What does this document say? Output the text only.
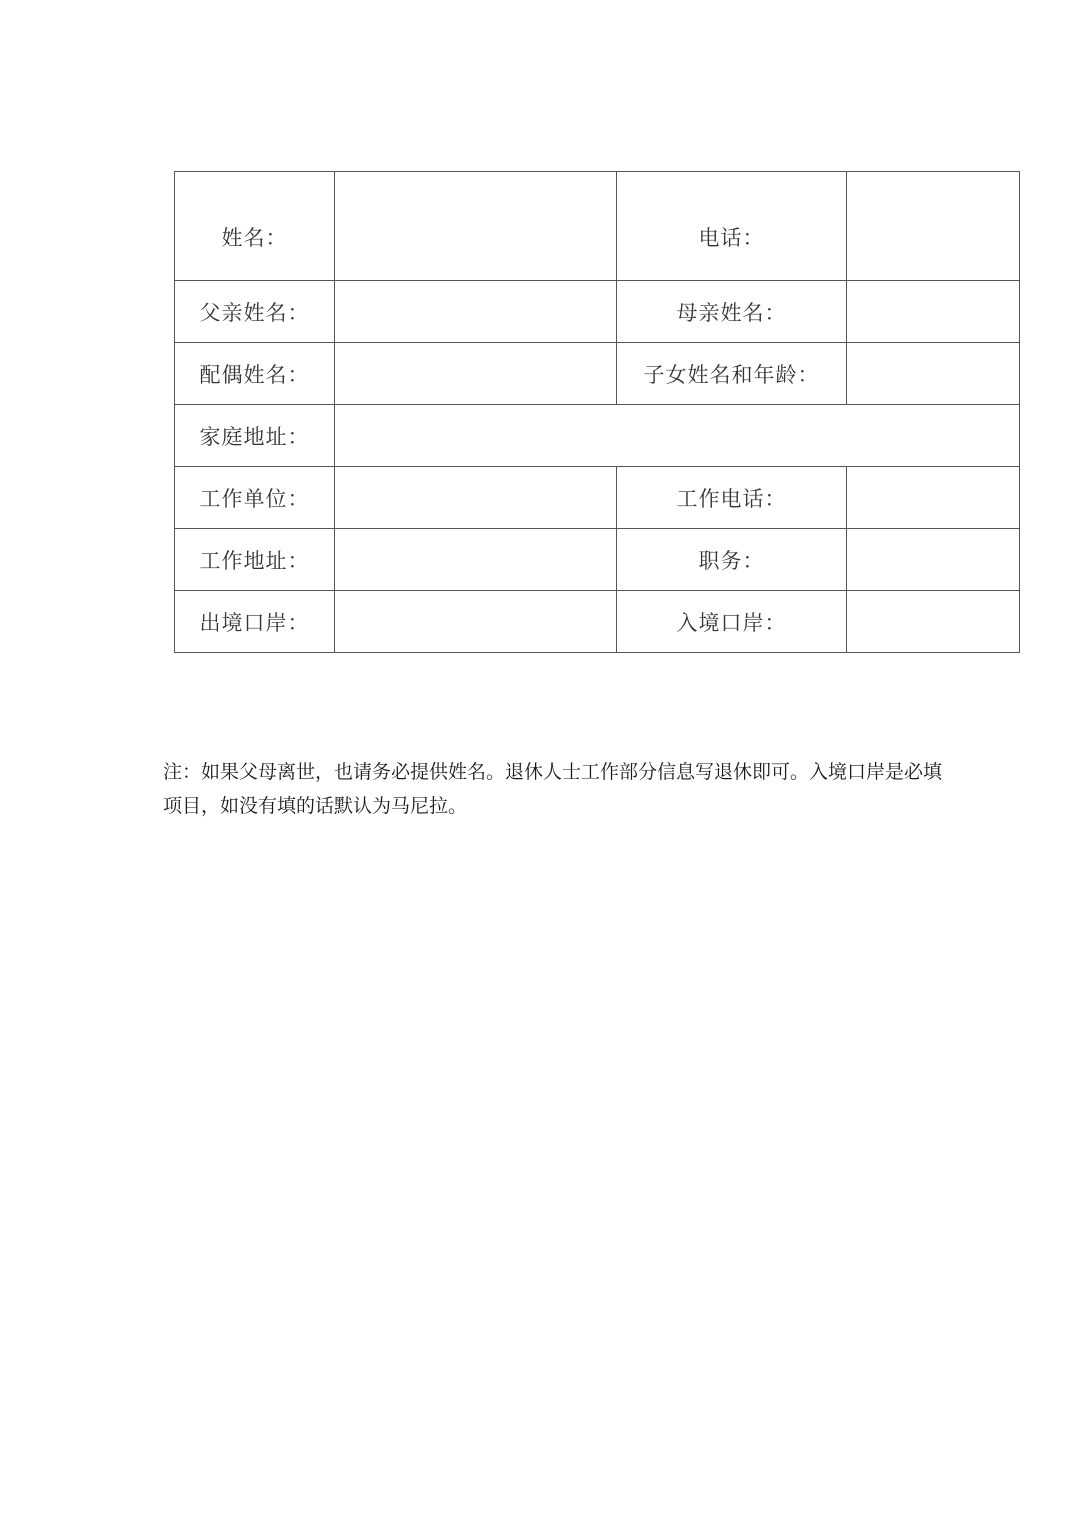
姓名：		电话：	
父亲姓名：		母亲姓名：	
配偶姓名：		子女姓名和年龄：	
家庭地址：			
工作单位：		工作电话：	
工作地址：		职务：	
出境口岸：		入境口岸：	

注：如果父母离世，也请务必提供姓名。退休人士工作部分信息写退休即可。入境口岸是必填项目，如没有填的话默认为马尼拉。
